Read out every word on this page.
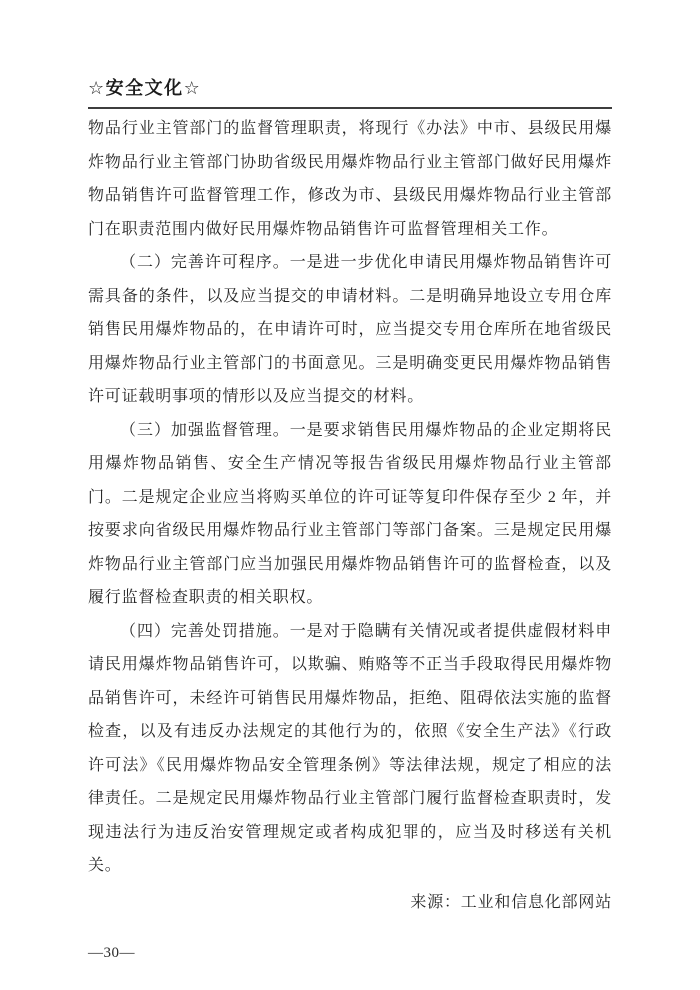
☆安全文化☆

物品行业主管部门的监督管理职责，将现行《办法》中市、县级民用爆炸物品行业主管部门协助省级民用爆炸物品行业主管部门做好民用爆炸物品销售许可监督管理工作，修改为市、县级民用爆炸物品行业主管部门在职责范围内做好民用爆炸物品销售许可监督管理相关工作。

（二）完善许可程序。一是进一步优化申请民用爆炸物品销售许可需具备的条件，以及应当提交的申请材料。二是明确异地设立专用仓库销售民用爆炸物品的，在申请许可时，应当提交专用仓库所在地省级民用爆炸物品行业主管部门的书面意见。三是明确变更民用爆炸物品销售许可证载明事项的情形以及应当提交的材料。

（三）加强监督管理。一是要求销售民用爆炸物品的企业定期将民用爆炸物品销售、安全生产情况等报告省级民用爆炸物品行业主管部门。二是规定企业应当将购买单位的许可证等复印件保存至少 2 年，并按要求向省级民用爆炸物品行业主管部门等部门备案。三是规定民用爆炸物品行业主管部门应当加强民用爆炸物品销售许可的监督检查，以及履行监督检查职责的相关职权。

（四）完善处罚措施。一是对于隐瞒有关情况或者提供虚假材料申请民用爆炸物品销售许可，以欺骗、贿赂等不正当手段取得民用爆炸物品销售许可，未经许可销售民用爆炸物品，拒绝、阻碍依法实施的监督检查，以及有违反办法规定的其他行为的，依照《安全生产法》《行政许可法》《民用爆炸物品安全管理条例》等法律法规，规定了相应的法律责任。二是规定民用爆炸物品行业主管部门履行监督检查职责时，发现违法行为违反治安管理规定或者构成犯罪的，应当及时移送有关机关。

来源：工业和信息化部网站
—30—
